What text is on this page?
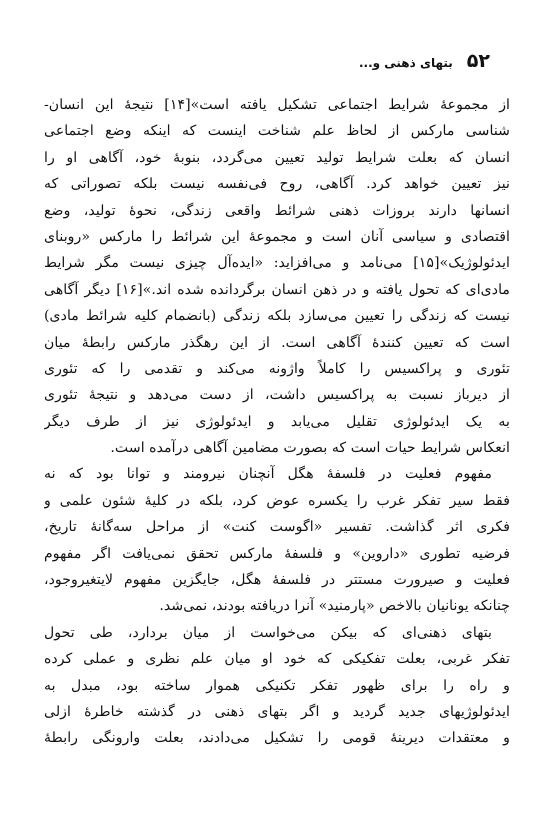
۵۲
بتهای ذهنی و...
از مجموعهٔ شرایط اجتماعی تشکیل یافته است»[۱۴] نتیجهٔ این انسان-
شناسی مارکس از لحاظ علم شناخت اینست که اینکه وضع اجتماعی
انسان که بعلت شرایط تولید تعیین می‌گردد، بنوبهٔ خود، آگاهی او را
نیز تعیین خواهد کرد. آگاهی، روح فی‌نفسه نیست بلکه تصوراتی که
انسانها دارند بروزات ذهنی شرائط واقعی زندگی، نحوهٔ تولید، وضع
اقتصادی و سیاسی آنان است و مجموعهٔ این شرائط را مارکس «روبنای
ایدئولوژیک»[۱۵] می‌نامد و می‌افزاید: «ایده‌آل چیزی نیست مگر شرایط
مادی‌ای که تحول یافته و در ذهن انسان برگردانده شده اند.»[۱۶] دیگر آگاهی
نیست که زندگی را تعیین می‌سازد بلکه زندگی (بانضمام کلیه شرائط مادی)
است که تعیین کنندهٔ آگاهی است. از این رهگذر مارکس رابطهٔ میان
تئوری و پراکسیس را کاملاً واژونه می‌کند و تقدمی را که تئوری
از دیرباز نسبت به پراکسیس داشت، از دست می‌دهد و نتیجهٔ تئوری
به یک ایدئولوژی تقلیل می‌یابد و ایدئولوژی نیز از طرف دیگر
انعکاس شرایط حیات است که بصورت مضامین آگاهی درآمده است.
مفهوم فعلیت در فلسفهٔ هگل آنچنان نیرومند و توانا بود که نه
فقط سیر تفکر غرب را یکسره عوض کرد، بلکه در کلیهٔ شئون علمی و
فکری اثر گذاشت. تفسیر «اگوست کنت» از مراحل سه‌گانهٔ تاریخ،
فرضیه تطوری «داروین» و فلسفهٔ مارکس تحقق نمی‌یافت اگر مفهوم
فعلیت و صیرورت مستتر در فلسفهٔ هگل، جایگزین مفهوم لایتغیروجود،
چنانکه یونانیان بالاخص «پارمنید» آنرا دریافته بودند، نمی‌شد.
بتهای ذهنی‌ای که بیکن می‌خواست از میان بردارد، طی تحول
تفکر غربی، بعلت تفکیکی که خود او میان علم نظری و عملی کرده
و راه را برای ظهور تفکر تکنیکی هموار ساخته بود، مبدل به
ایدئولوژیهای جدید گردید و اگر بتهای ذهنی در گذشته خاطرهٔ ازلی
و معتقدات دیرینهٔ قومی را تشکیل می‌دادند، بعلت وارونگی رابطهٔ
